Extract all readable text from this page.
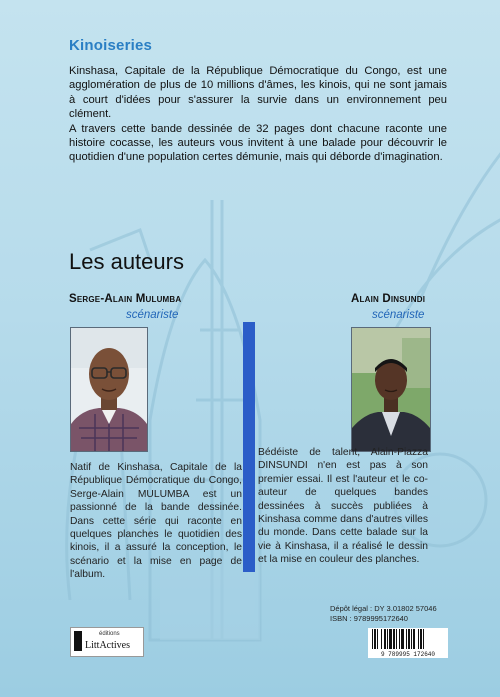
Kinoiseries

Kinshasa, Capitale de la République Démocratique du Congo, est une agglomération de plus de 10 millions d'âmes, les kinois, qui ne sont jamais à court d'idées pour s'assurer la survie dans un environnement peu clément.

A travers cette bande dessinée de 32 pages dont chacune raconte une histoire cocasse, les auteurs vous invitent à une balade pour découvrir le quotidien d'une population certes démunie, mais qui déborde d'imagination.

Les auteurs
Serge-Alain Mulumba
scénariste
Alain Dinsundi
scénariste
Natif de Kinshasa, Capitale de la République Démocratique du Congo, Serge-Alain MULUMBA est un passionné de la bande dessinée. Dans cette série qui raconte en quelques planches le quotidien des kinois, il a assuré la conception, le scénario et la mise en page de l'album.
Bédéiste de talent, Alain-Piazza DINSUNDI n'en est pas à son premier essai. Il est l'auteur et le co-auteur de quelques bandes dessinées à succès publiées à Kinshasa comme dans d'autres villes du monde. Dans cette balade sur la vie à Kinshasa, il a réalisé le dessin et la mise en couleur des planches.
Dépôt légal : DY 3.01802 57046
ISBN : 9789995172640
éditions
LittActives
9 789995 172640
